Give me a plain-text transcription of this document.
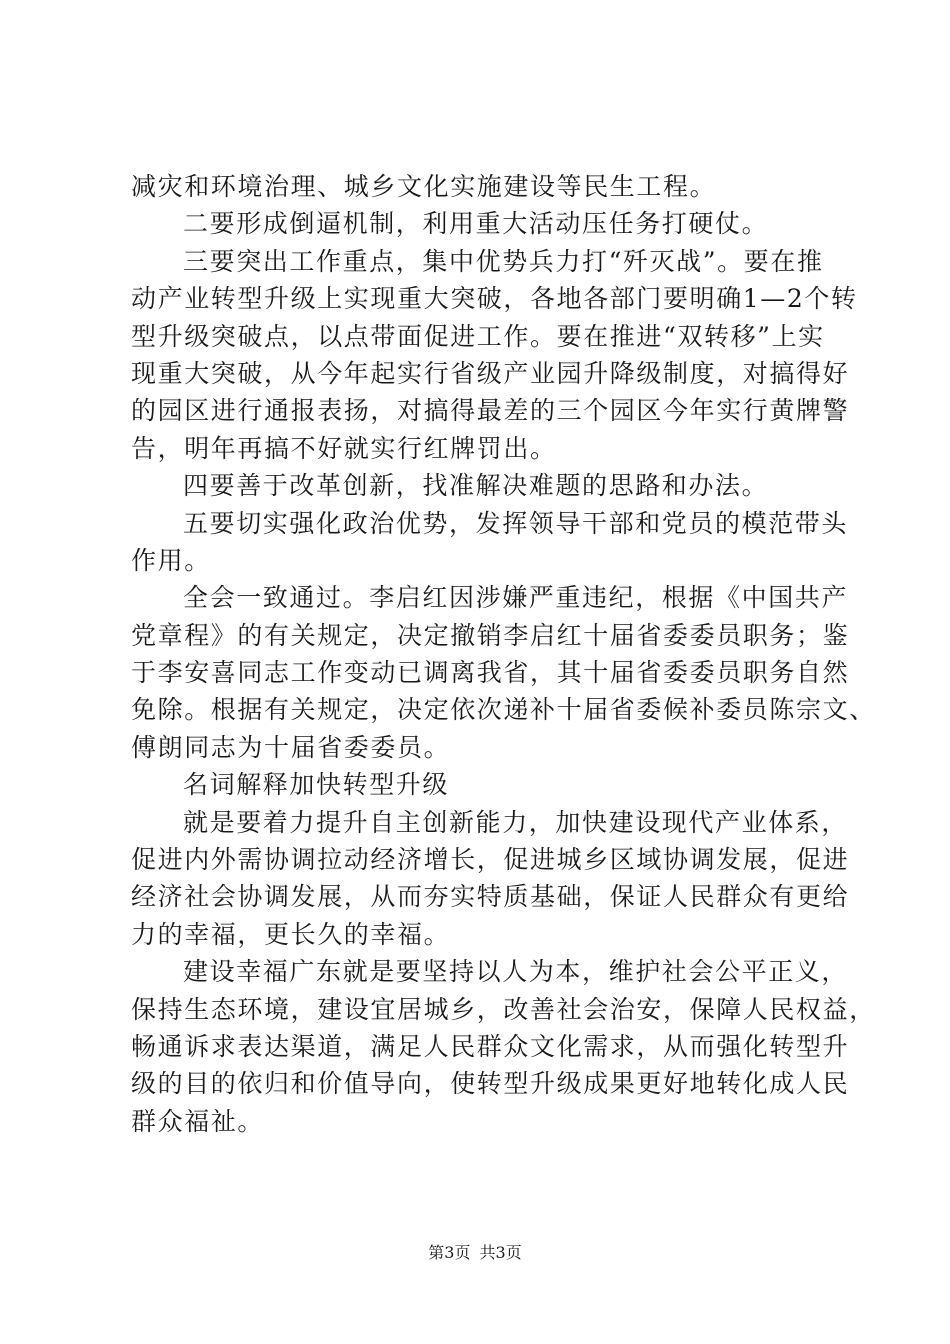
减灾和环境治理、城乡文化实施建设等民生工程。
二要形成倒逼机制，利用重大活动压任务打硬仗。
三要突出工作重点，集中优势兵力打“歼灭战”。要在推
动产业转型升级上实现重大突破，各地各部门要明确1—2个转
型升级突破点，以点带面促进工作。要在推进“双转移”上实
现重大突破，从今年起实行省级产业园升降级制度，对搞得好
的园区进行通报表扬，对搞得最差的三个园区今年实行黄牌警
告，明年再搞不好就实行红牌罚出。
四要善于改革创新，找准解决难题的思路和办法。
五要切实强化政治优势，发挥领导干部和党员的模范带头
作用。
全会一致通过。李启红因涉嫌严重违纪，根据《中国共产
党章程》的有关规定，决定撤销李启红十届省委委员职务；鉴
于李安喜同志工作变动已调离我省，其十届省委委员职务自然
免除。根据有关规定，决定依次递补十届省委候补委员陈宗文、
傅朗同志为十届省委委员。
名词解释加快转型升级
就是要着力提升自主创新能力，加快建设现代产业体系，
促进内外需协调拉动经济增长，促进城乡区域协调发展，促进
经济社会协调发展，从而夯实特质基础，保证人民群众有更给
力的幸福，更长久的幸福。
建设幸福广东就是要坚持以人为本，维护社会公平正义，
保持生态环境，建设宜居城乡，改善社会治安，保障人民权益，
畅通诉求表达渠道，满足人民群众文化需求，从而强化转型升
级的目的依归和价值导向，使转型升级成果更好地转化成人民
群众福祉。
第3页 共3页
